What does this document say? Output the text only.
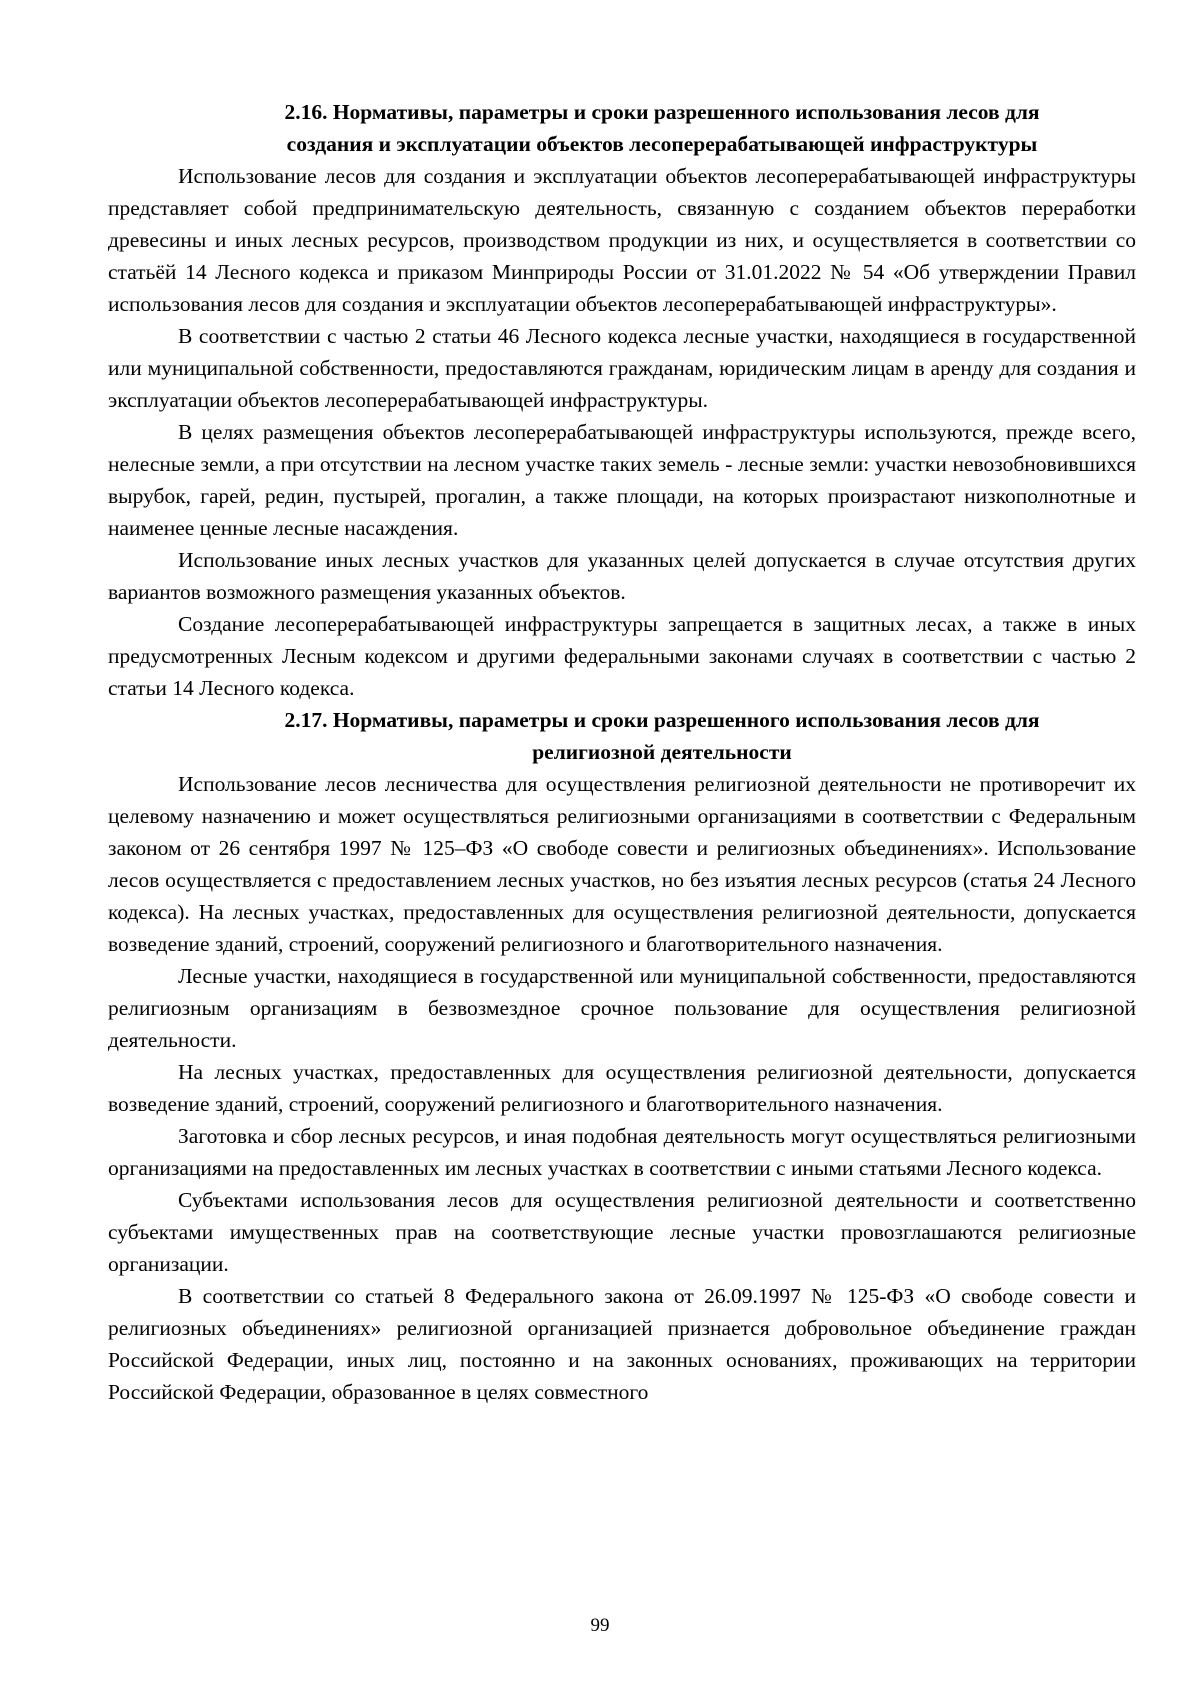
2.16. Нормативы, параметры и сроки разрешенного использования лесов для
создания и эксплуатации объектов лесоперерабатывающей инфраструктуры

Использование лесов для создания и эксплуатации объектов лесоперерабатывающей инфраструктуры представляет собой предпринимательскую деятельность, связанную с созданием объектов переработки древесины и иных лесных ресурсов, производством продукции из них, и осуществляется в соответствии со статьёй 14 Лесного кодекса и приказом Минприроды России от 31.01.2022 № 54 «Об утверждении Правил использования лесов для создания и эксплуатации объектов лесоперерабатывающей инфраструктуры».

В соответствии с частью 2 статьи 46 Лесного кодекса лесные участки, находящиеся в государственной или муниципальной собственности, предоставляются гражданам, юридическим лицам в аренду для создания и эксплуатации объектов лесоперерабатывающей инфраструктуры.

В целях размещения объектов лесоперерабатывающей инфраструктуры используются, прежде всего, нелесные земли, а при отсутствии на лесном участке таких земель - лесные земли: участки невозобновившихся вырубок, гарей, редин, пустырей, прогалин, а также площади, на которых произрастают низкополнотные и наименее ценные лесные насаждения.

Использование иных лесных участков для указанных целей допускается в случае отсутствия других вариантов возможного размещения указанных объектов.

Создание лесоперерабатывающей инфраструктуры запрещается в защитных лесах, а также в иных предусмотренных Лесным кодексом и другими федеральными законами случаях в соответствии с частью 2 статьи 14 Лесного кодекса.

2.17. Нормативы, параметры и сроки разрешенного использования лесов для
религиозной деятельности

Использование лесов лесничества для осуществления религиозной деятельности не противоречит их целевому назначению и может осуществляться религиозными организациями в соответствии с Федеральным законом от 26 сентября 1997 № 125–ФЗ «О свободе совести и религиозных объединениях». Использование лесов осуществляется с предоставлением лесных участков, но без изъятия лесных ресурсов (статья 24 Лесного кодекса). На лесных участках, предоставленных для осуществления религиозной деятельности, допускается возведение зданий, строений, сооружений религиозного и благотворительного назначения.

Лесные участки, находящиеся в государственной или муниципальной собственности, предоставляются религиозным организациям в безвозмездное срочное пользование для осуществления религиозной деятельности.

На лесных участках, предоставленных для осуществления религиозной деятельности, допускается возведение зданий, строений, сооружений религиозного и благотворительного назначения.

Заготовка и сбор лесных ресурсов, и иная подобная деятельность могут осуществляться религиозными организациями на предоставленных им лесных участках в соответствии с иными статьями Лесного кодекса.

Субъектами использования лесов для осуществления религиозной деятельности и соответственно субъектами имущественных прав на соответствующие лесные участки провозглашаются религиозные организации.

В соответствии со статьей 8 Федерального закона от 26.09.1997 № 125-ФЗ «О свободе совести и религиозных объединениях» религиозной организацией признается добровольное объединение граждан Российской Федерации, иных лиц, постоянно и на законных основаниях, проживающих на территории Российской Федерации, образованное в целях совместного

99
